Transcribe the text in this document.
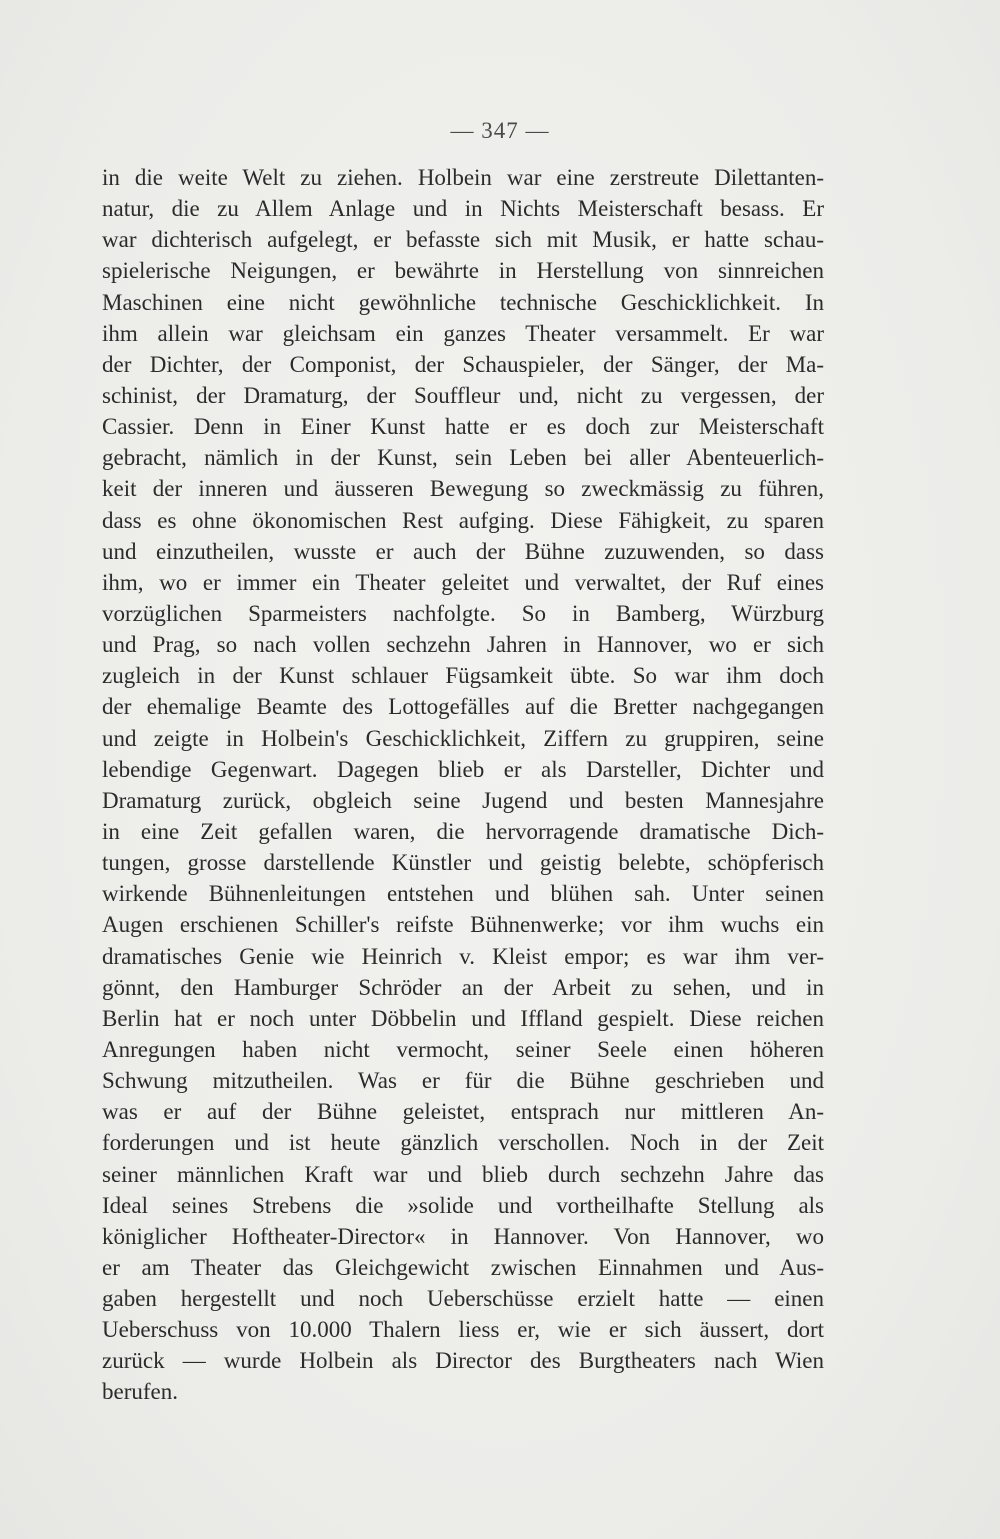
— 347 —
in die weite Welt zu ziehen. Holbein war eine zerstreute Dilettanten-
natur, die zu Allem Anlage und in Nichts Meisterschaft besass. Er
war dichterisch aufgelegt, er befasste sich mit Musik, er hatte schau-
spielerische Neigungen, er bewährte in Herstellung von sinnreichen
Maschinen eine nicht gewöhnliche technische Geschicklichkeit. In
ihm allein war gleichsam ein ganzes Theater versammelt. Er war
der Dichter, der Componist, der Schauspieler, der Sänger, der Ma-
schinist, der Dramaturg, der Souffleur und, nicht zu vergessen, der
Cassier. Denn in Einer Kunst hatte er es doch zur Meisterschaft
gebracht, nämlich in der Kunst, sein Leben bei aller Abenteuerlich-
keit der inneren und äusseren Bewegung so zweckmässig zu führen,
dass es ohne ökonomischen Rest aufging. Diese Fähigkeit, zu sparen
und einzutheilen, wusste er auch der Bühne zuzuwenden, so dass
ihm, wo er immer ein Theater geleitet und verwaltet, der Ruf eines
vorzüglichen Sparmeisters nachfolgte. So in Bamberg, Würzburg
und Prag, so nach vollen sechzehn Jahren in Hannover, wo er sich
zugleich in der Kunst schlauer Fügsamkeit übte. So war ihm doch
der ehemalige Beamte des Lottogefälles auf die Bretter nachgegangen
und zeigte in Holbein's Geschicklichkeit, Ziffern zu gruppiren, seine
lebendige Gegenwart. Dagegen blieb er als Darsteller, Dichter und
Dramaturg zurück, obgleich seine Jugend und besten Mannesjahre
in eine Zeit gefallen waren, die hervorragende dramatische Dich-
tungen, grosse darstellende Künstler und geistig belebte, schöpferisch
wirkende Bühnenleitungen entstehen und blühen sah. Unter seinen
Augen erschienen Schiller's reifste Bühnenwerke; vor ihm wuchs ein
dramatisches Genie wie Heinrich v. Kleist empor; es war ihm ver-
gönnt, den Hamburger Schröder an der Arbeit zu sehen, und in
Berlin hat er noch unter Döbbelin und Iffland gespielt. Diese reichen
Anregungen haben nicht vermocht, seiner Seele einen höheren
Schwung mitzutheilen. Was er für die Bühne geschrieben und
was er auf der Bühne geleistet, entsprach nur mittleren An-
forderungen und ist heute gänzlich verschollen. Noch in der Zeit
seiner männlichen Kraft war und blieb durch sechzehn Jahre das
Ideal seines Strebens die »solide und vortheilhafte Stellung als
königlicher Hoftheater-Director« in Hannover. Von Hannover, wo
er am Theater das Gleichgewicht zwischen Einnahmen und Aus-
gaben hergestellt und noch Ueberschüsse erzielt hatte — einen
Ueberschuss von 10.000 Thalern liess er, wie er sich äussert, dort
zurück — wurde Holbein als Director des Burgtheaters nach Wien
berufen.
